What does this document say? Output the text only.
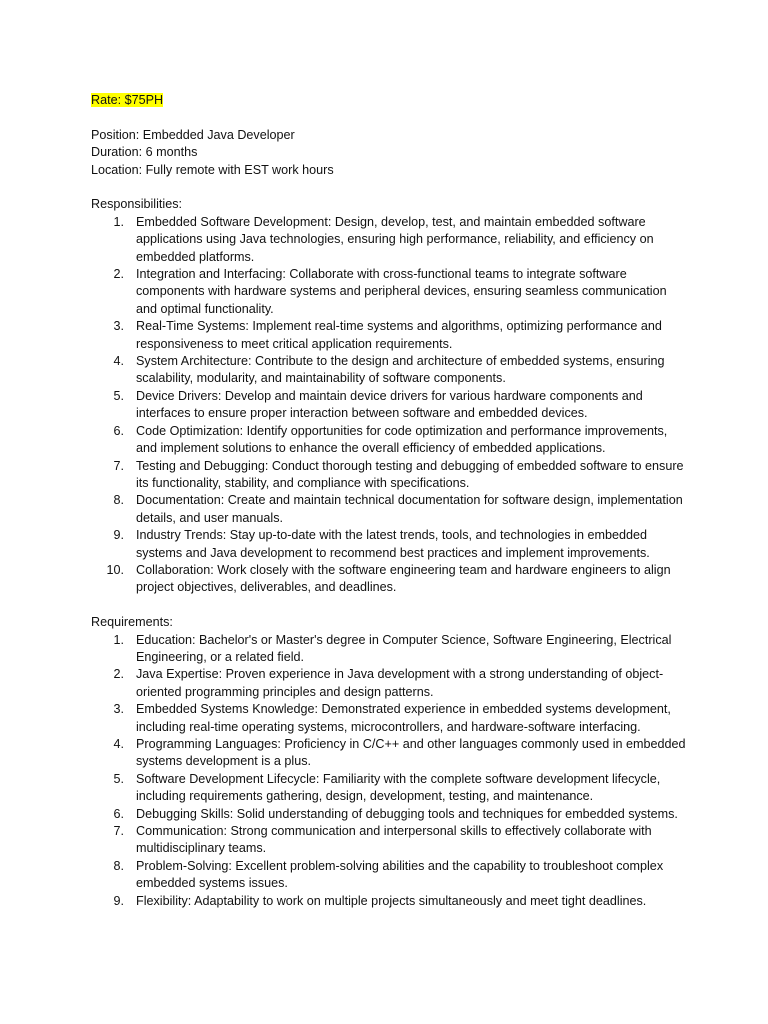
Rate: $75PH

Position: Embedded Java Developer

Duration: 6 months

Location: Fully remote with EST work hours

Responsibilities:

1. Embedded Software Development: Design, develop, test, and maintain embedded software applications using Java technologies, ensuring high performance, reliability, and efficiency on embedded platforms.
2. Integration and Interfacing: Collaborate with cross-functional teams to integrate software components with hardware systems and peripheral devices, ensuring seamless communication and optimal functionality.
3. Real-Time Systems: Implement real-time systems and algorithms, optimizing performance and responsiveness to meet critical application requirements.
4. System Architecture: Contribute to the design and architecture of embedded systems, ensuring scalability, modularity, and maintainability of software components.
5. Device Drivers: Develop and maintain device drivers for various hardware components and interfaces to ensure proper interaction between software and embedded devices.
6. Code Optimization: Identify opportunities for code optimization and performance improvements, and implement solutions to enhance the overall efficiency of embedded applications.
7. Testing and Debugging: Conduct thorough testing and debugging of embedded software to ensure its functionality, stability, and compliance with specifications.
8. Documentation: Create and maintain technical documentation for software design, implementation details, and user manuals.
9. Industry Trends: Stay up-to-date with the latest trends, tools, and technologies in embedded systems and Java development to recommend best practices and implement improvements.
10. Collaboration: Work closely with the software engineering team and hardware engineers to align project objectives, deliverables, and deadlines.

Requirements:

1. Education: Bachelor's or Master's degree in Computer Science, Software Engineering, Electrical Engineering, or a related field.
2. Java Expertise: Proven experience in Java development with a strong understanding of object-oriented programming principles and design patterns.
3. Embedded Systems Knowledge: Demonstrated experience in embedded systems development, including real-time operating systems, microcontrollers, and hardware-software interfacing.
4. Programming Languages: Proficiency in C/C++ and other languages commonly used in embedded systems development is a plus.
5. Software Development Lifecycle: Familiarity with the complete software development lifecycle, including requirements gathering, design, development, testing, and maintenance.
6. Debugging Skills: Solid understanding of debugging tools and techniques for embedded systems.
7. Communication: Strong communication and interpersonal skills to effectively collaborate with multidisciplinary teams.
8. Problem-Solving: Excellent problem-solving abilities and the capability to troubleshoot complex embedded systems issues.
9. Flexibility: Adaptability to work on multiple projects simultaneously and meet tight deadlines.
